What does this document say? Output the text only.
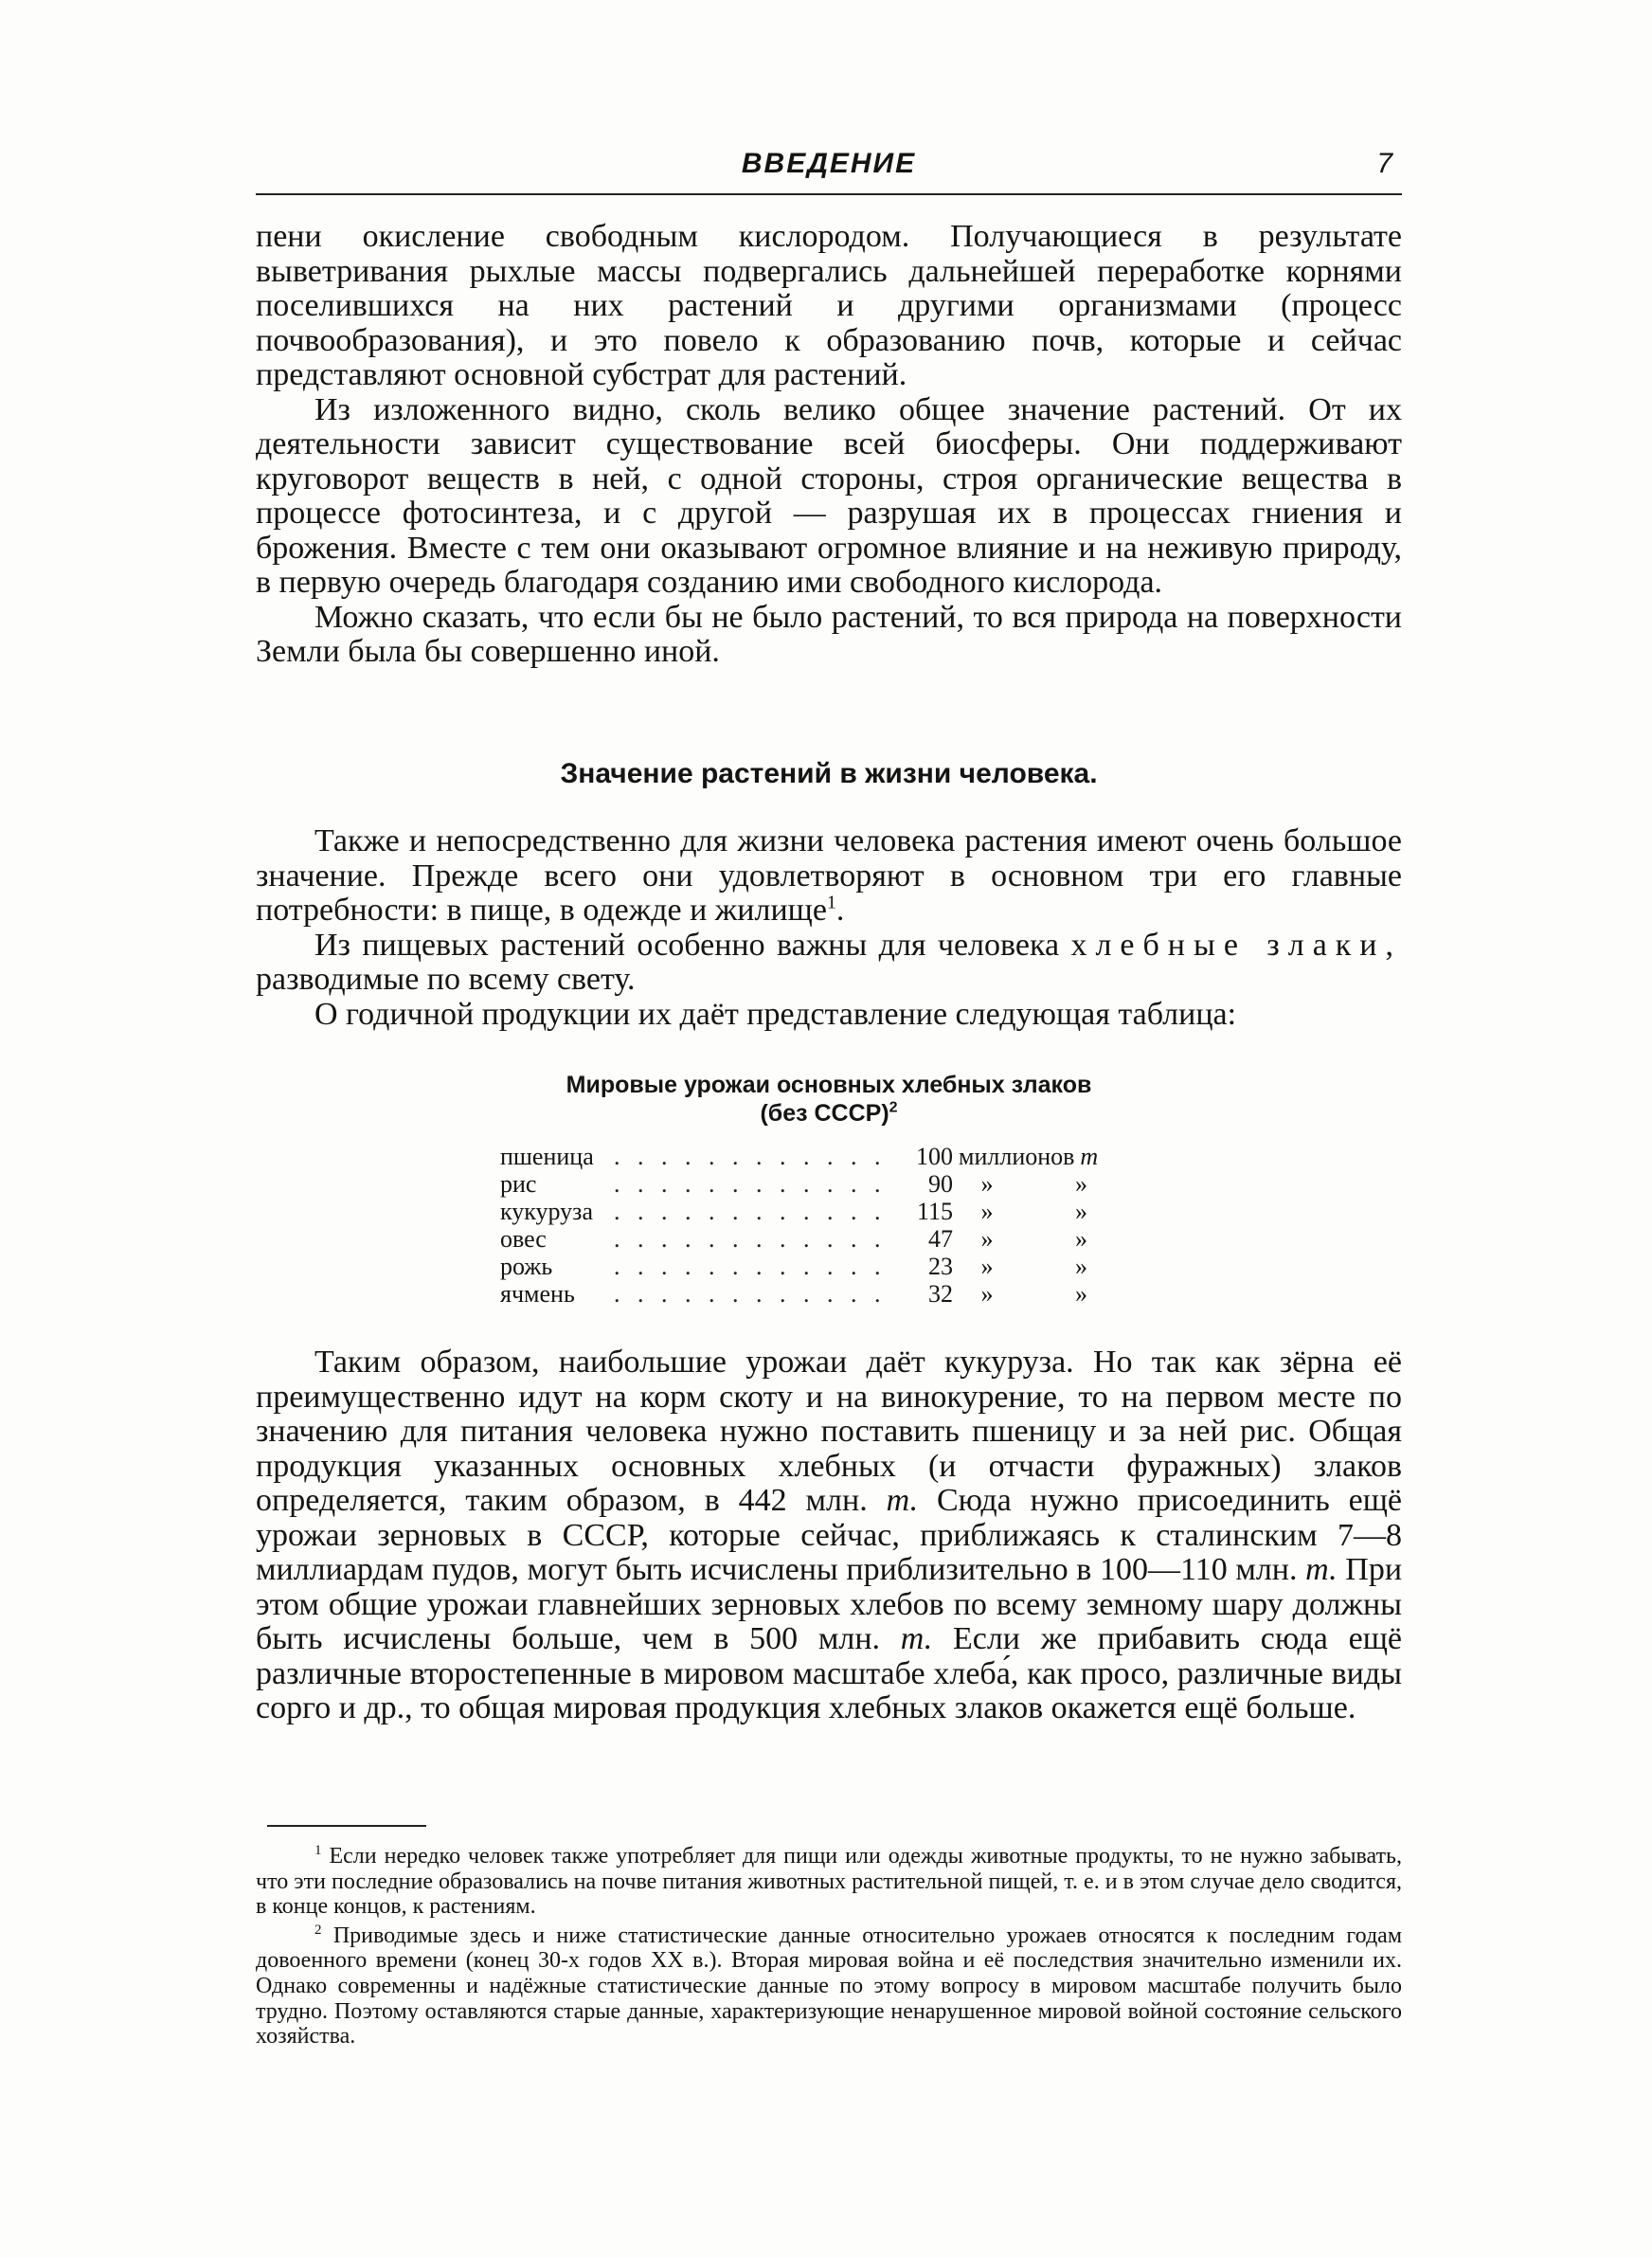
ВВЕДЕНИЕ	7

пени окисление свободным кислородом. Получающиеся в результате выветривания рыхлые массы подвергались дальнейшей переработке корнями поселившихся на них растений и другими организмами (процесс почвообразования), и это повело к образованию почв, которые и сейчас представляют основной субстрат для растений.

Из изложенного видно, сколь велико общее значение растений. От их деятельности зависит существование всей биосферы. Они поддерживают круговорот веществ в ней, с одной стороны, строя органические вещества в процессе фотосинтеза, и с другой — разрушая их в процессах гниения и брожения. Вместе с тем они оказывают огромное влияние и на неживую природу, в первую очередь благодаря созданию ими свободного кислорода.

Можно сказать, что если бы не было растений, то вся природа на поверхности Земли была бы совершенно иной.

Значение растений в жизни человека.

Также и непосредственно для жизни человека растения имеют очень большое значение. Прежде всего они удовлетворяют в основном три его главные потребности: в пище, в одежде и жилище$^1$.

Из пищевых растений особенно важны для человека хлебные злаки, разводимые по всему свету.

О годичной продукции их даёт представление следующая таблица:

Мировые урожаи основных хлебных злаков
(без СССР)$^2$
пшеница . . .	100 миллионов т
рис . . .	90	»	»
кукуруза . . .	115	»	»
овес . . .	47	»	»
рожь . . .	23	»	»
ячмень . . .	32	»	»

Таким образом, наибольшие урожаи даёт кукуруза. Но так как зёрна её преимущественно идут на корм скоту и на винокурение, то на первом месте по значению для питания человека нужно поставить пшеницу и за ней рис. Общая продукция указанных основных хлебных (и отчасти фуражных) злаков определяется, таким образом, в 442 млн. т. Сюда нужно присоединить ещё урожаи зерновых в СССР, которые сейчас, приближаясь к сталинским 7—8 миллиардам пудов, могут быть исчислены приблизительно в 100—110 млн. т. При этом общие урожаи главнейших зерновых хлебов по всему земному шару должны быть исчислены больше, чем в 500 млн. т. Если же прибавить сюда ещё различные второстепенные в мировом масштабе хлеба́, как просо, различные виды сорго и др., то общая мировая продукция хлебных злаков окажется ещё больше.

$^1$ Если нередко человек также употребляет для пищи или одежды животные продукты, то не нужно забывать, что эти последние образовались на почве питания животных растительной пищей, т. е. и в этом случае дело сводится, в конце концов, к растениям.

$^2$ Приводимые здесь и ниже статистические данные относительно урожаев относятся к последним годам довоенного времени (конец 30-х годов XX в.). Вторая мировая война и её последствия значительно изменили их. Однако современны и надёжные статистические данные по этому вопросу в мировом масштабе получить было трудно. Поэтому оставляются старые данные, характеризующие ненарушенное мировой войной состояние сельского хозяйства.
